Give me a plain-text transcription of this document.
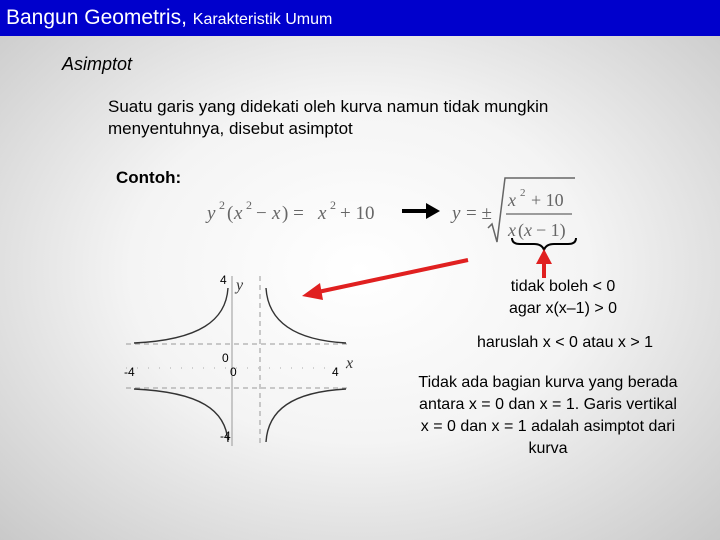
Bangun Geometris, Karakteristik Umum
Asimptot
Suatu garis yang didekati oleh kurva namun tidak mungkin menyentuhnya, disebut asimptot
Contoh:
y 2 ( x 2 − x ) = x 2 + 10	y = ±
x 2 + 10
x ( x − 1)
4 y
0
-4	0	4 x
-4
tidak boleh < 0
agar x(x–1) > 0
haruslah x < 0 atau x > 1
Tidak ada bagian kurva yang berada antara x = 0 dan x = 1. Garis vertikal x = 0 dan x = 1 adalah asimptot dari kurva
